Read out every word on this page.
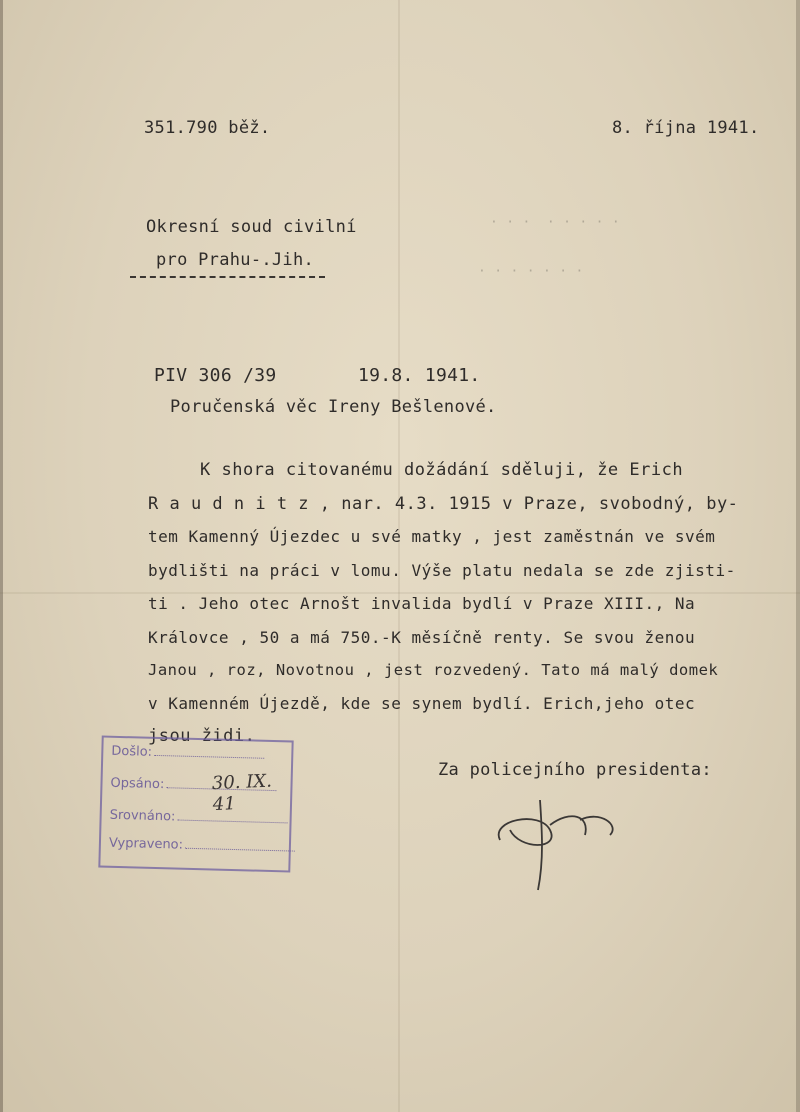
351.790 běž.	8. října 1941.
Okresní soud civilní
pro Prahu-.Jih.
· · ·  · · · · ·
· · · · · · ·
PIV 306 /39	19.8. 1941.
Poručenská věc Ireny Bešlenové.
K shora citovanému dožádání sděluji, že Erich
R a u d n i t z , nar. 4.3. 1915 v Praze, svobodný, by-
tem Kamenný Újezdec u své matky , jest zaměstnán ve svém
bydlišti na práci v lomu. Výše platu nedala se zde zjisti-
ti . Jeho otec Arnošt invalida bydlí v Praze XIII., Na
Královce , 50 a má 750.-K měsíčně renty. Se svou ženou
Janou , roz, Novotnou , jest rozvedený. Tato má malý domek
v Kamenném Újezdě, kde se synem bydlí. Erich,jeho otec
jsou židi.
Za policejního presidenta:
Došlo:
Opsáno:
Srovnáno:
Vypraveno:
30. IX. 41
